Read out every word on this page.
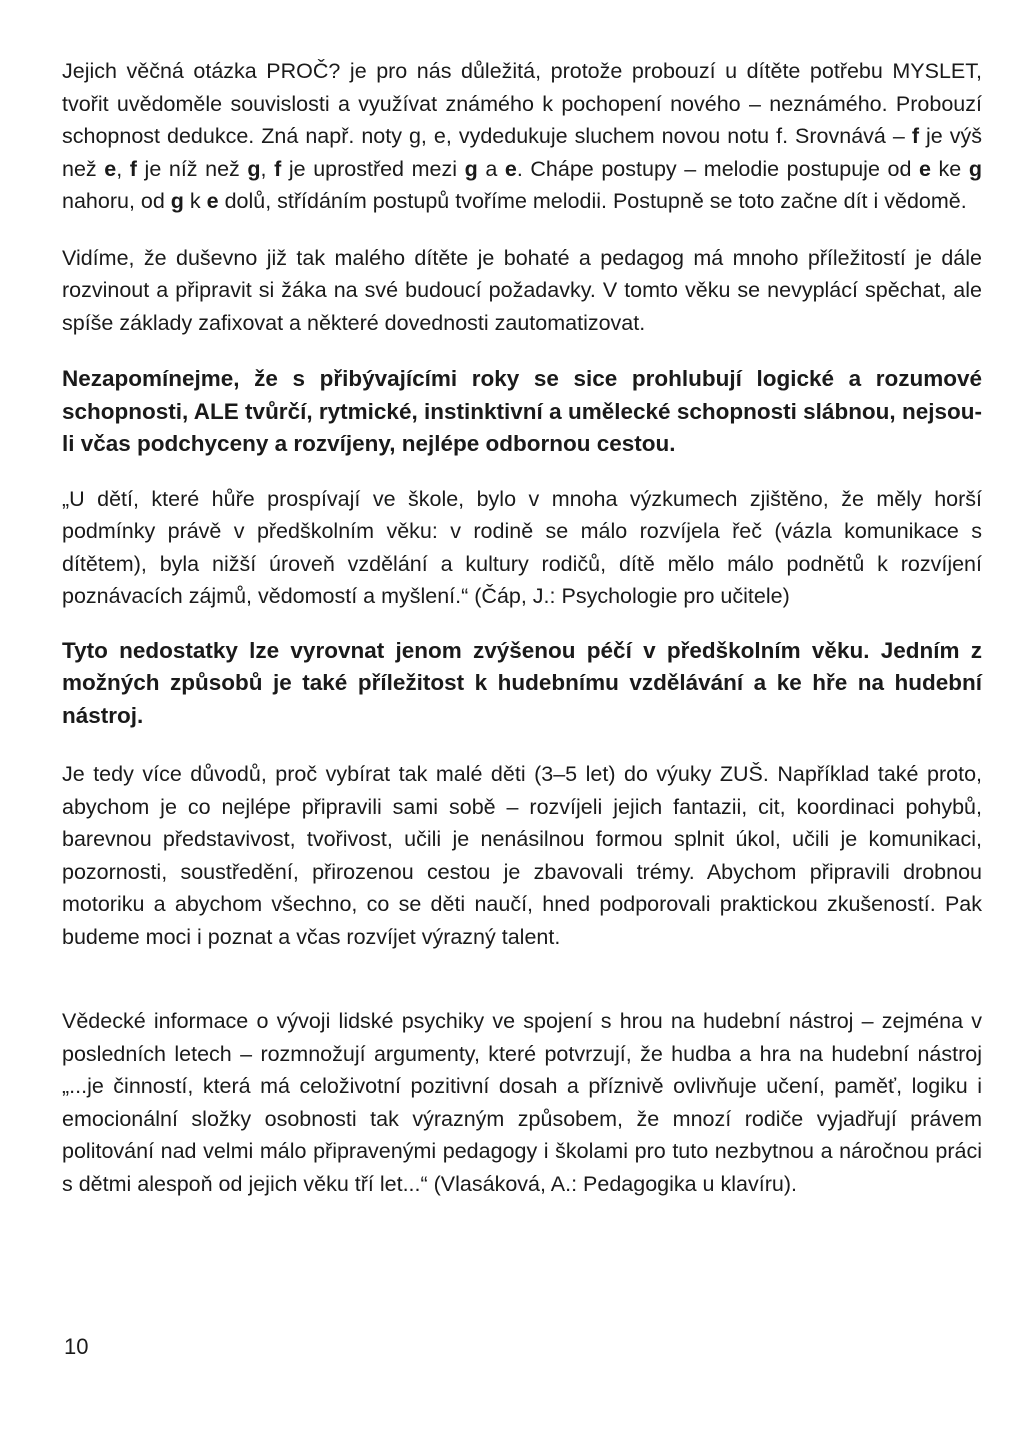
Jejich věčná otázka PROČ? je pro nás důležitá, protože probouzí u dítěte potřebu MYSLET, tvořit uvědoměle souvislosti a využívat známého k pochopení nového – neznámého. Probouzí schopnost dedukce. Zná např. noty g, e, vydedukuje sluchem novou notu f. Srovnává – f je výš než e, f je níž než g, f je uprostřed mezi g a e. Chápe postupy – melodie postupuje od e ke g nahoru, od g k e dolů, střídáním postupů tvoříme melodii. Postupně se toto začne dít i vědomě.

Vidíme, že duševno již tak malého dítěte je bohaté a pedagog má mnoho příležitostí je dále rozvinout a připravit si žáka na své budoucí požadavky. V tomto věku se nevyplácí spěchat, ale spíše základy zafixovat a některé dovednosti zautomatizovat.

Nezapomínejme, že s přibývajícími roky se sice prohlubují logické a rozumové schopnosti, ALE tvůrčí, rytmické, instinktivní a umělecké schopnosti slábnou, nejsou-li včas podchyceny a rozvíjeny, nejlépe odbornou cestou.

„U dětí, které hůře prospívají ve škole, bylo v mnoha výzkumech zjištěno, že měly horší podmínky právě v předškolním věku: v rodině se málo rozvíjela řeč (vázla komunikace s dítětem), byla nižší úroveň vzdělání a kultury rodičů, dítě mělo málo podnětů k rozvíjení poznávacích zájmů, vědomostí a myšlení.“ (Čáp, J.: Psychologie pro učitele)

Tyto nedostatky lze vyrovnat jenom zvýšenou péčí v předškolním věku. Jedním z možných způsobů je také příležitost k hudebnímu vzdělávání a ke hře na hudební nástroj.

Je tedy více důvodů, proč vybírat tak malé děti (3–5 let) do výuky ZUŠ. Například také proto, abychom je co nejlépe připravili sami sobě – rozvíjeli jejich fantazii, cit, koordinaci pohybů, barevnou představivost, tvořivost, učili je nenásilnou formou splnit úkol, učili je komunikaci, pozornosti, soustředění, přirozenou cestou je zbavovali trémy. Abychom připravili drobnou motoriku a abychom všechno, co se děti naučí, hned podporovali praktickou zkušeností. Pak budeme moci i poznat a včas rozvíjet výrazný talent.

Vědecké informace o vývoji lidské psychiky ve spojení s hrou na hudební nástroj – zejména v posledních letech – rozmnožují argumenty, které potvrzují, že hudba a hra na hudební nástroj „...je činností, která má celoživotní pozitivní dosah a příznivě ovlivňuje učení, paměť, logiku i emocionální složky osobnosti tak výrazným způsobem, že mnozí rodiče vyjadřují právem politování nad velmi málo připravenými pedagogy i školami pro tuto nezbytnou a náročnou práci s dětmi alespoň od jejich věku tří let...“ (Vlasáková, A.: Pedagogika u klavíru).

10
